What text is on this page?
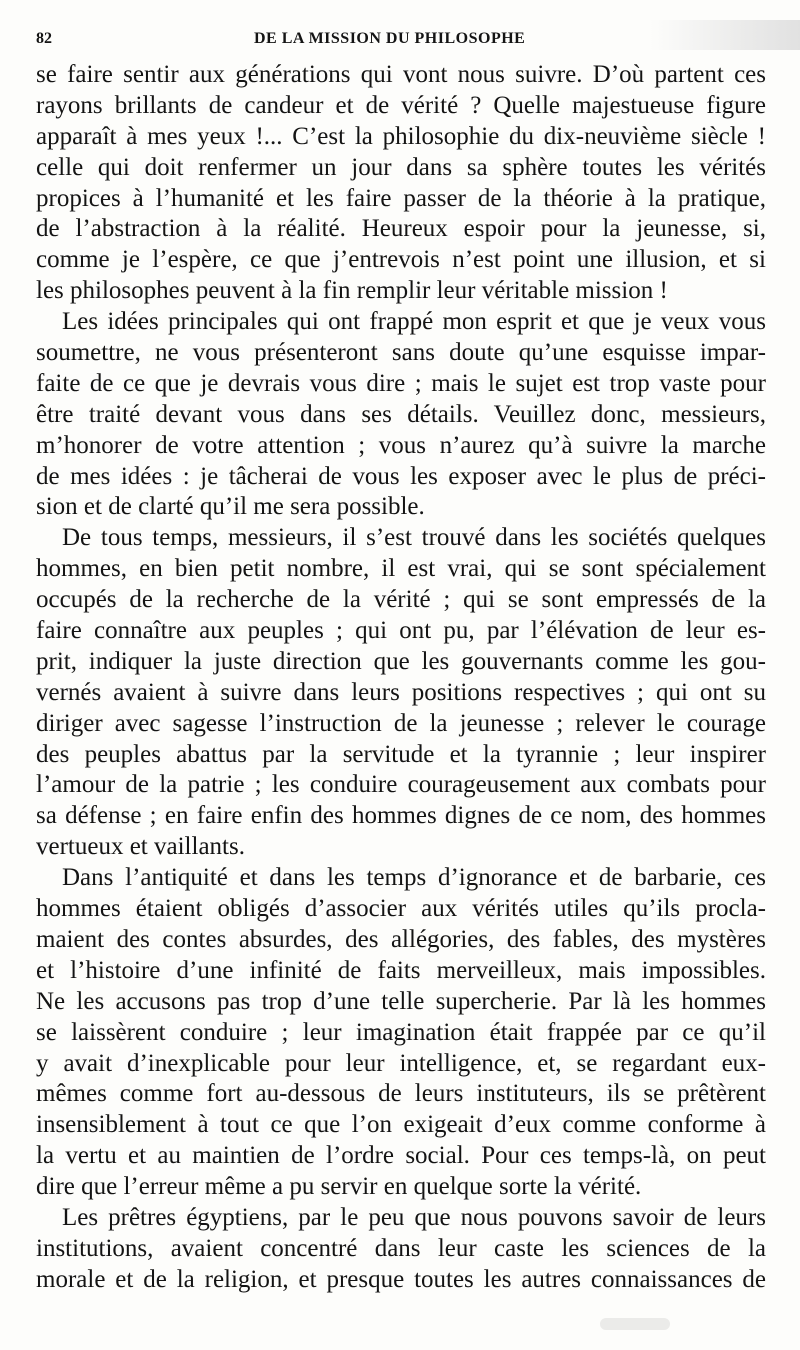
82	DE LA MISSION DU PHILOSOPHE
se faire sentir aux générations qui vont nous suivre. D’où partent ces
rayons brillants de candeur et de vérité ? Quelle majestueuse figure
apparaît à mes yeux !... C’est la philosophie du dix-neuvième siècle !
celle qui doit renfermer un jour dans sa sphère toutes les vérités
propices à l’humanité et les faire passer de la théorie à la pratique,
de l’abstraction à la réalité. Heureux espoir pour la jeunesse, si,
comme je l’espère, ce que j’entrevois n’est point une illusion, et si
les philosophes peuvent à la fin remplir leur véritable mission !
Les idées principales qui ont frappé mon esprit et que je veux vous
soumettre, ne vous présenteront sans doute qu’une esquisse impar-
faite de ce que je devrais vous dire ; mais le sujet est trop vaste pour
être traité devant vous dans ses détails. Veuillez donc, messieurs,
m’honorer de votre attention ; vous n’aurez qu’à suivre la marche
de mes idées : je tâcherai de vous les exposer avec le plus de préci-
sion et de clarté qu’il me sera possible.
De tous temps, messieurs, il s’est trouvé dans les sociétés quelques
hommes, en bien petit nombre, il est vrai, qui se sont spécialement
occupés de la recherche de la vérité ; qui se sont empressés de la
faire connaître aux peuples ; qui ont pu, par l’élévation de leur es-
prit, indiquer la juste direction que les gouvernants comme les gou-
vernés avaient à suivre dans leurs positions respectives ; qui ont su
diriger avec sagesse l’instruction de la jeunesse ; relever le courage
des peuples abattus par la servitude et la tyrannie ; leur inspirer
l’amour de la patrie ; les conduire courageusement aux combats pour
sa défense ; en faire enfin des hommes dignes de ce nom, des hommes
vertueux et vaillants.
Dans l’antiquité et dans les temps d’ignorance et de barbarie, ces
hommes étaient obligés d’associer aux vérités utiles qu’ils procla-
maient des contes absurdes, des allégories, des fables, des mystères
et l’histoire d’une infinité de faits merveilleux, mais impossibles.
Ne les accusons pas trop d’une telle supercherie. Par là les hommes
se laissèrent conduire ; leur imagination était frappée par ce qu’il
y avait d’inexplicable pour leur intelligence, et, se regardant eux-
mêmes comme fort au-dessous de leurs instituteurs, ils se prêtèrent
insensiblement à tout ce que l’on exigeait d’eux comme conforme à
la vertu et au maintien de l’ordre social. Pour ces temps-là, on peut
dire que l’erreur même a pu servir en quelque sorte la vérité.
Les prêtres égyptiens, par le peu que nous pouvons savoir de leurs
institutions, avaient concentré dans leur caste les sciences de la
morale et de la religion, et presque toutes les autres connaissances de
